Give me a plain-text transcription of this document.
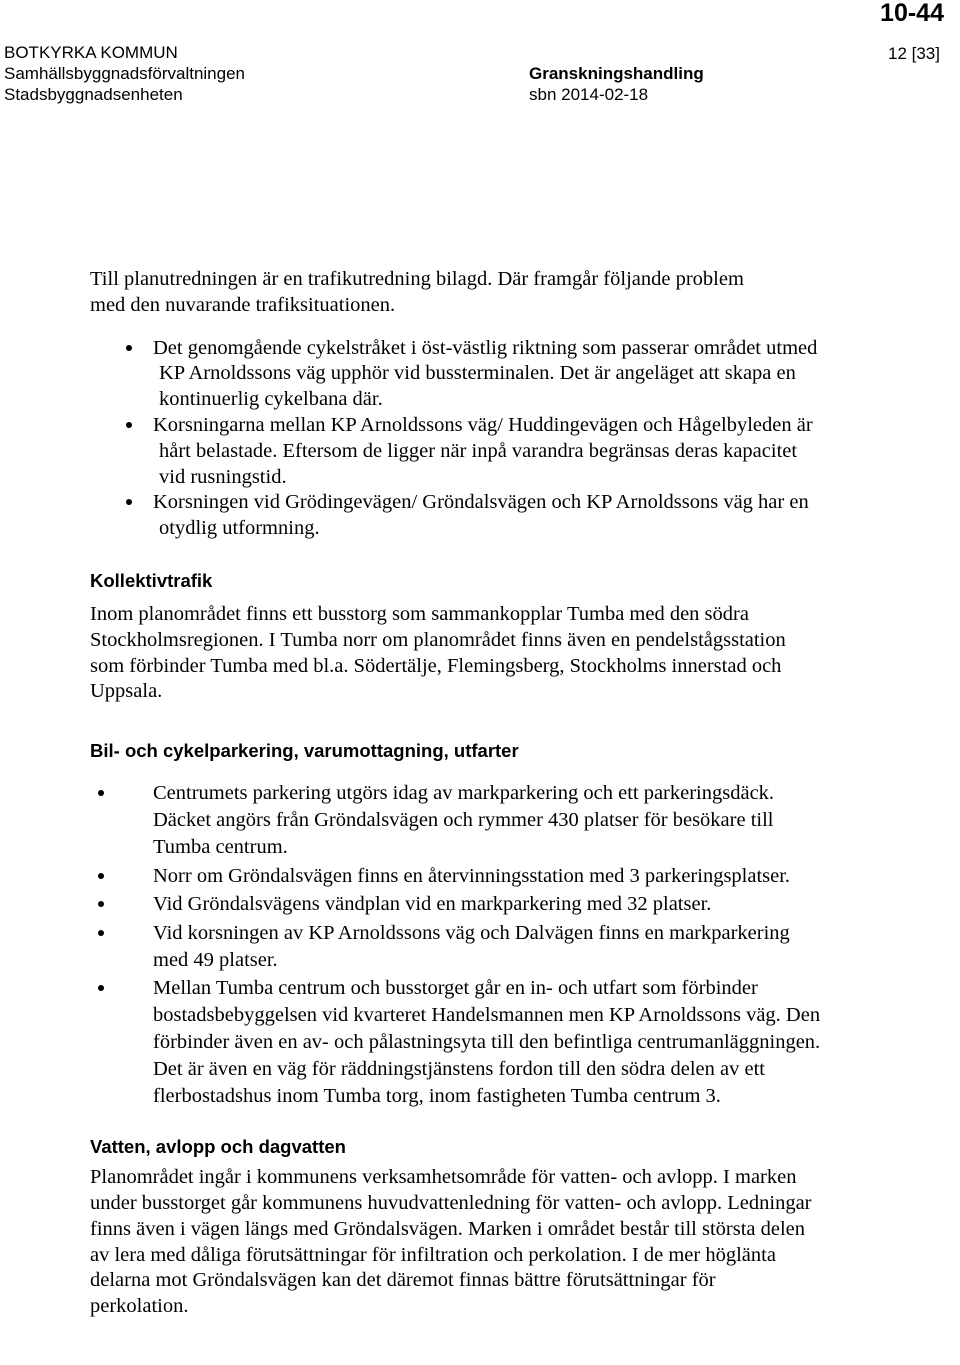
10-44
BOTKYRKA KOMMUN
Samhällsbyggnadsförvaltningen
Stadsbyggnadsenheten
12 [33]
Granskningshandling
sbn 2014-02-18

Till planutredningen är en trafikutredning bilagd. Där framgår följande problem med den nuvarande trafiksituationen.

Det genomgående cykelstråket i öst-västlig riktning som passerar området utmed KP Arnoldssons väg upphör vid bussterminalen. Det är angeläget att skapa en kontinuerlig cykelbana där.
Korsningarna mellan KP Arnoldssons väg/ Huddingevägen och Hågelbyleden är hårt belastade. Eftersom de ligger när inpå varandra begränsas deras kapacitet vid rusningstid.
Korsningen vid Grödingevägen/ Gröndalsvägen och KP Arnoldssons väg har en otydlig utformning.
Kollektivtrafik

Inom planområdet finns ett busstorg som sammankopplar Tumba med den södra Stockholmsregionen. I Tumba norr om planområdet finns även en pendelstågsstation som förbinder Tumba med bl.a. Södertälje, Flemingsberg, Stockholms innerstad och Uppsala.

Bil- och cykelparkering, varumottagning, utfarter
Centrumets parkering utgörs idag av markparkering och ett parkeringsdäck. Däcket angörs från Gröndalsvägen och rymmer 430 platser för besökare till Tumba centrum.
Norr om Gröndalsvägen finns en återvinningsstation med 3 parkeringsplatser.
Vid Gröndalsvägens vändplan vid en markparkering med 32 platser.
Vid korsningen av KP Arnoldssons väg och Dalvägen finns en markparkering med 49 platser.
Mellan Tumba centrum och busstorget går en in- och utfart som förbinder bostadsbebyggelsen vid kvarteret Handelsmannen men KP Arnoldssons väg. Den förbinder även en av- och pålastningsyta till den befintliga centrumanläggningen. Det är även en väg för räddningstjänstens fordon till den södra delen av ett flerbostadshus inom Tumba torg, inom fastigheten Tumba centrum 3.
Vatten, avlopp och dagvatten

Planområdet ingår i kommunens verksamhetsområde för vatten- och avlopp. I marken under busstorget går kommunens huvudvattenledning för vatten- och avlopp. Ledningar finns även i vägen längs med Gröndalsvägen. Marken i området består till största delen av lera med dåliga förutsättningar för infiltration och perkolation. I de mer höglänta delarna mot Gröndalsvägen kan det däremot finnas bättre förutsättningar för perkolation.
